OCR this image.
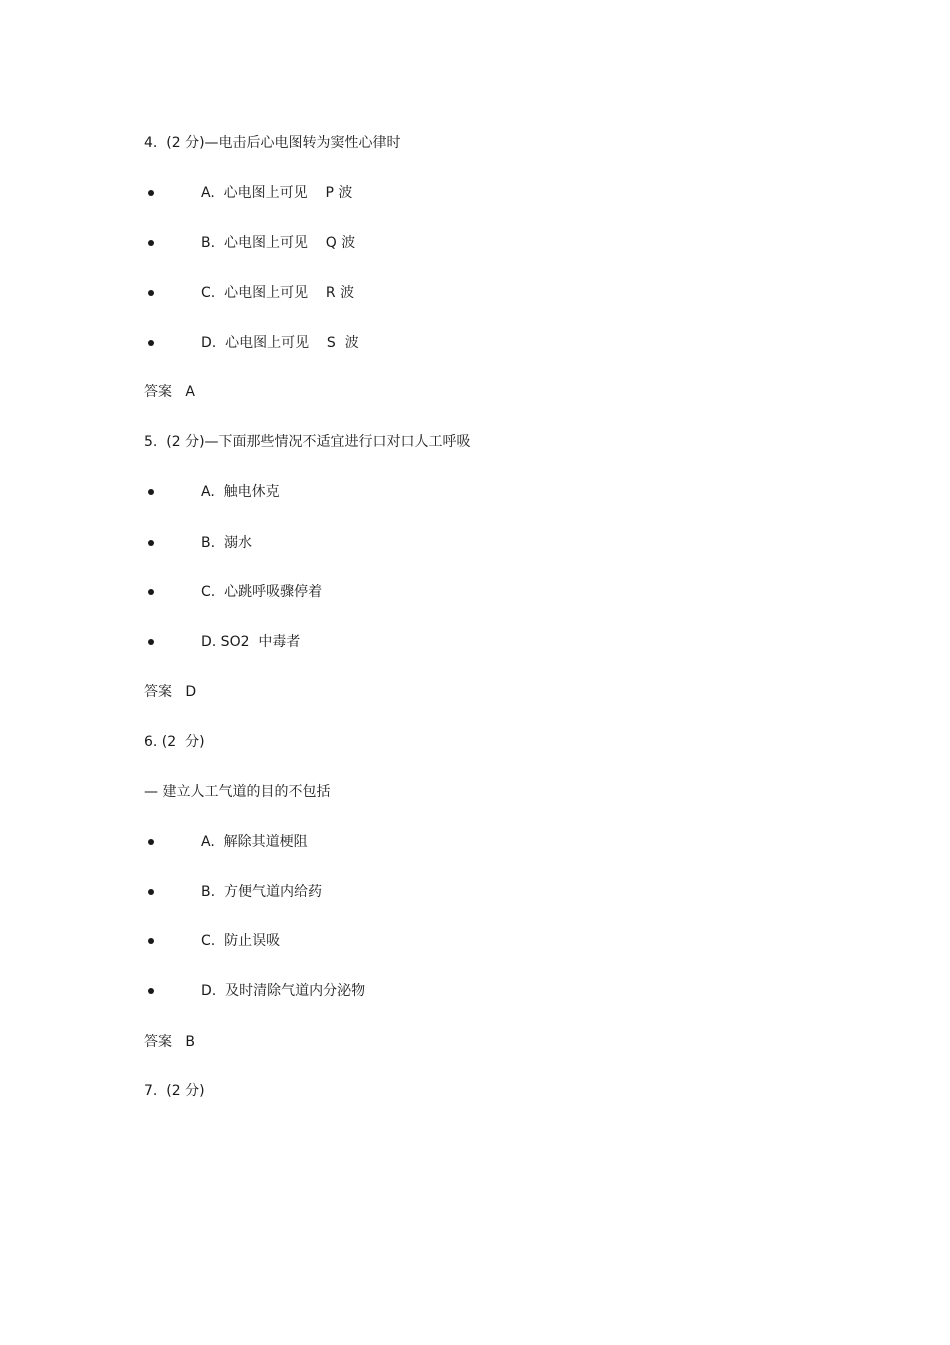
4.  (2 分)—电击后心电图转为窦性心律时
A.  心电图上可见    P 波
B.  心电图上可见    Q 波
C.  心电图上可见    R 波
D.  心电图上可见    S  波
答案   A
5.  (2 分)—下面那些情况不适宜进行口对口人工呼吸
A.  触电休克
B.  溺水
C.  心跳呼吸骤停着
D. SO2  中毒者
答案   D
6. (2  分)
— 建立人工气道的目的不包括
A.  解除其道梗阻
B.  方便气道内给药
C.  防止误吸
D.  及时清除气道内分泌物
答案   B
7.  (2 分)
